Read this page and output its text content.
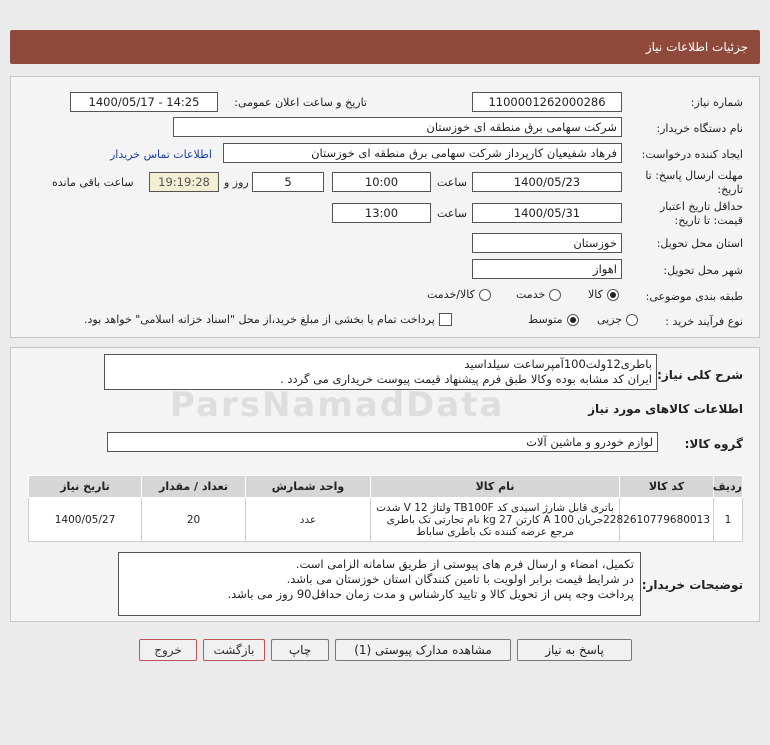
جزئیات اطلاعات نیاز
شماره نیاز:
1100001262000286
تاریخ و ساعت اعلان عمومی:
1400/05/17 - 14:25
نام دستگاه خریدار:
شرکت سهامی برق منطقه ای خوزستان
ایجاد کننده درخواست:
فرهاد شفیعیان کارپرداز شرکت سهامی برق منطقه ای خوزستان
اطلاعات تماس خریدار
مهلت ارسال پاسخ: تا
تاریخ:
1400/05/23
ساعت
10:00
5
روز و
19:19:28
ساعت باقی مانده
حداقل تاریخ اعتبار
قیمت: تا تاریخ:
1400/05/31
ساعت
13:00
استان محل تحویل:
خوزستان
شهر محل تحویل:
اهواز
طبقه بندی موضوعی:
کالا
خدمت
کالا/خدمت
نوع فرآیند خرید :
جزیی
متوسط
پرداخت تمام یا بخشی از مبلغ خرید،از محل "اسناد خزانه اسلامی" خواهد بود.
شرح کلی نیاز:
باطری12ولت100آمپرساعت سیلداسید
ایران کد مشابه بوده وکالا طبق فرم پیشنهاد قیمت پیوست خریداری می گردد .
ParsNamadData	اطلاعات کالاهای مورد نیاز
گروه کالا:
لوازم خودرو و ماشین آلات
ردیف	کد کالا	نام کالا	واحد شمارش	تعداد / مقدار	تاریخ نیاز
1	2282610779680013	باتری قابل شارژ اسیدی کد TB100F ولتاژ 12 V شدت جریان 100 A کارتن 27 kg نام تجارتی تک باطری مرجع عرضه کننده تک باطری ساباط	عدد	20	1400/05/27
توضیحات خریدار:
تکمیل، امضاء و ارسال فرم های پیوستی از طریق سامانه الزامی است.
در شرایط قیمت برابر اولویت با تامین کنندگان استان خوزستان می باشد.
پرداخت وجه پس از تحویل کالا و تایید کارشناس و مدت زمان حداقل90 روز می باشد.
پاسخ به نیاز
مشاهده مدارک پیوستی (1)
چاپ
بازگشت
خروج
